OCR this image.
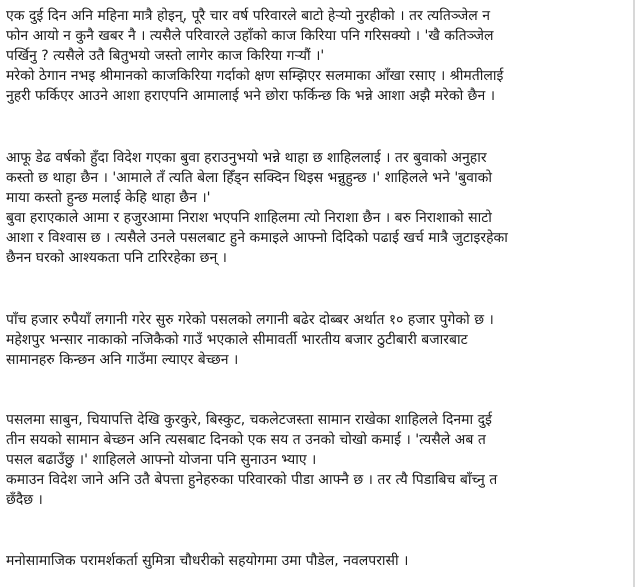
एक दुई दिन अनि महिना मात्रै होइन्, पूरै चार वर्ष परिवारले बाटो हेर्‍यो नुरहीको । तर त्यतिञ्जेल न
फोन आयो न कुनै खबर नै । त्यसैले परिवारले उहाँको काज किरिया पनि गरिसक्यो । 'खै कतिञ्जेल
पर्खिनु ? त्यसैले उतै बितुभयो जस्तो लागेर काज किरिया गर्‍यौं ।'
मरेको ठेगान नभइ श्रीमानको काजकिरिया गर्दाको क्षण सम्झिएर सलमाका आँखा रसाए । श्रीमतीलाई
नुहरी फर्किएर आउने आशा हराएपनि आमालाई भने छोरा फर्किन्छ कि भन्ने आशा अझै मरेको छैन ।

आफू डेढ वर्षको हुँदा विदेश गएका बुवा हराउनुभयो भन्ने थाहा छ शाहिललाई । तर बुवाको अनुहार
कस्तो छ थाहा छैन । 'आमाले तँ त्यति बेला हिँड्न सक्दिन थिइस भन्नुहुन्छ ।' शाहिलले भने 'बुवाको
माया कस्तो हुन्छ मलाई केहि थाहा छैन ।'
बुवा हराएकाले आमा र हजुरआमा निराश भएपनि शाहिलमा त्यो निराशा छैन । बरु निराशाको साटो
आशा र विश्वास छ । त्यसैले उनले पसलबाट हुने कमाइले आफ्नो दिदिको पढाई खर्च मात्रै जुटाइरहेका
छैनन घरको आश्यकता पनि टारिरहेका छन् ।

पाँच हजार रुपैयाँ लगानी गरेर सुरु गरेको पसलको लगानी बढेर दोब्बर अर्थात १० हजार पुगेको छ ।
महेशपुर भन्सार नाकाको नजिकैको गाउँ भएकाले सीमावर्ती भारतीय बजार ठुटीबारी बजारबाट
सामानहरु किन्छन अनि गाउँमा ल्याएर बेच्छन ।

पसलमा साबुन, चियापत्ति देखि कुरकुरे, बिस्कुट, चकलेटजस्ता सामान राखेका शाहिलले दिनमा दुई
तीन सयको सामान बेच्छन अनि त्यसबाट दिनको एक सय त उनको चोखो कमाई । 'त्यसैले अब त
पसल बढाउँछु ।' शाहिलले आफ्नो योजना पनि सुनाउन भ्याए ।
कमाउन विदेश जाने अनि उतै बेपत्ता हुनेहरुका परिवारको पीडा आफ्नै छ । तर त्यै पिडाबिच बाँच्नु त
छँदैछ ।

मनोसामाजिक परामर्शकर्ता सुमित्रा चौधरीको सहयोगमा उमा पौडेल, नवलपरासी ।
